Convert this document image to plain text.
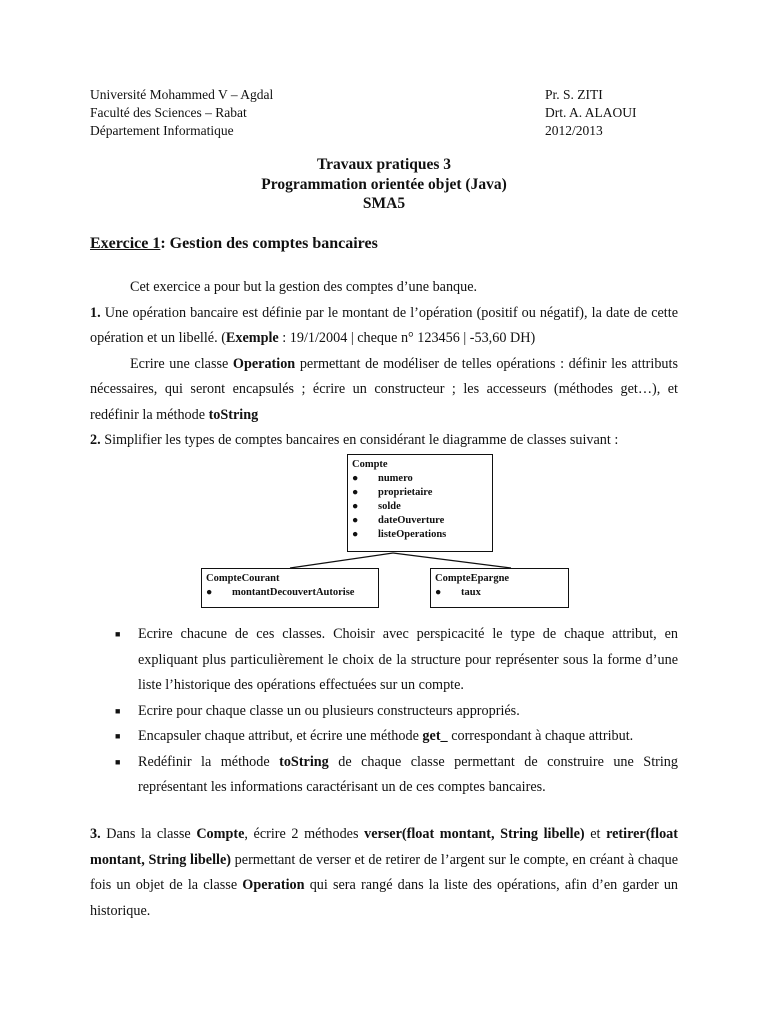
Université Mohammed V – Agdal
Faculté des Sciences – Rabat
Département Informatique
Pr. S. ZITI
Drt. A. ALAOUI
2012/2013
Travaux pratiques 3
Programmation orientée objet (Java)
SMA5
Exercice 1: Gestion des comptes bancaires

Cet exercice a pour but la gestion des comptes d’une banque.

1. Une opération bancaire est définie par le montant de l’opération (positif ou négatif), la date de cette opération et un libellé. (Exemple : 19/1/2004 | cheque n° 123456 | -53,60 DH)

Ecrire une classe Operation permettant de modéliser de telles opérations : définir les attributs nécessaires, qui seront encapsulés ; écrire un constructeur ; les accesseurs (méthodes get…), et redéfinir la méthode toString

2. Simplifier les types de comptes bancaires en considérant le diagramme de classes suivant :

Compte
● numero
● proprietaire
● solde
● dateOuverture
● listeOperations
CompteCourant
● montantDecouvertAutorise
CompteEpargne
● taux
■ Ecrire chacune de ces classes. Choisir avec perspicacité le type de chaque attribut, en expliquant plus particulièrement le choix de la structure pour représenter sous la forme d’une liste l’historique des opérations effectuées sur un compte.
■ Ecrire pour chaque classe un ou plusieurs constructeurs appropriés.
■ Encapsuler chaque attribut, et écrire une méthode get_ correspondant à chaque attribut.
■ Redéfinir la méthode toString de chaque classe permettant de construire une String représentant les informations caractérisant un de ces comptes bancaires.

3. Dans la classe Compte, écrire 2 méthodes verser(float montant, String libelle) et retirer(float montant, String libelle) permettant de verser et de retirer de l’argent sur le compte, en créant à chaque fois un objet de la classe Operation qui sera rangé dans la liste des opérations, afin d’en garder un historique.
